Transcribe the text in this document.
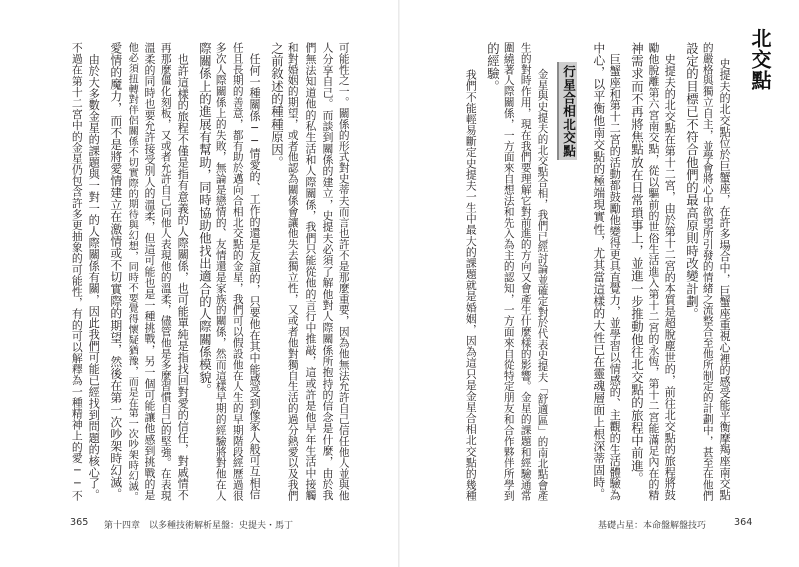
北交點
史提夫的北交點位於巨蟹座，在許多場合中，巨蟹座重視心裡的感受能平衡摩羯座南交點
的嚴格與獨立自主，並學會將心中欲望所引發的情緒之流整合至他所制定的計劃中，甚至在他們
設定的目標已不符合他們的最高原則時改變計劃。
　史提夫的北交點在第十二宮，由於第十二宮的本質是超脫塵世的，前往北交點的旅程將鼓
勵他脫離第六宮南交點，從以驅前的世俗生活進入第十二宮的永恆，第十二宮能滿足內在的精
神需求而不再將焦點放在日常瑣事上，並進一步推動他往北交點的旅程中前進。
　巨蟹座和第十二宮的活動都鼓勵他變得更具直覺力，並學習以情感的、主觀的生活體驗為
中心，以平衡他南交點的極端現實性，尤其當這樣的大性已在靈魂層面上根深蒂固時。
行星合相北交點
　金星與史提夫的北交點合相，我們已經討論並確定對於代表史提夫「舒適區」的南北點會產
生的對時作用，現在我們要理解它對前進的方向又會產生什麼樣的影響。金星的課題和經驗通常
圍繞著人際關係，一方面來自想法和先入為主的認知，一方面來自從特定朋友和合作夥伴所學到
的經驗。
　我們不能輕易斷定史提夫一生中最大的課題就是婚姻，因為這只是金星合相北交點的幾種
基礎占星：本命盤解盤技巧	364
可能性之一。關係的形式對史蒂夫而言也許不是那麼重要，因為他無法允許自己信任他人並與他
人分享自己。而談到關係的建立，史提夫必須了解他對人際關係所抱持的信念是什麼，由於我
們無法知道他的私生活和人際關係，我們只能從他的言行中推敲，這或許是他早年生活中接觸
和對婚姻的期望，或者他認為關係會讓他失去獨立性，又或者他對獨自生活的過分熱愛以及我們
之前敘述的種種原因。
　任何一種關係──情愛的、工作的還是友誼的，只要他在其中能感受到像家人般可互相信
任且長期的善意，都有助於邁向合相北交點的金星，我們可以假設他在人生的早期階段經歷過很
多次人際關係上的失敗，無論是戀情的、友情還是家族的關係，然而這樣早期的經驗將對他在人
際關係上的進展有幫助，同時協助他找出適合的人際關係模貌。
　也許這樣的旅程不僅是指有意義的人際關係，也可能單純是指找回對愛的信任，對戚情不
再那麼僵化刻板，又或者允許自己向他人表現他的溫柔，儘管他是多麼習慣自己的堅強。在表現
溫柔的同時也要允許接受別人的溫柔，但這可能也是一種挑戰，另一個可能讓他感到挑戰的是
他必須扭轉對伴侶關係不切實際的期待與幻想，同時不要覺得懷疑猶豫，而是在第一次吵架時幻滅。
愛情的魔力，而不是將愛情建立在激情或不切實際的期望，然後在第一次吵架時幻滅。
　由於大多數金星的課題與一對一的人際關係有關，因此我們可能已經找到問題的核心了。
不過在第十二宮中的金星仍包含許多更抽象的可能性，有的可以解釋為一種精神上的愛──不
365 第十四章　以多種技術解析星盤：史提夫・馬丁
